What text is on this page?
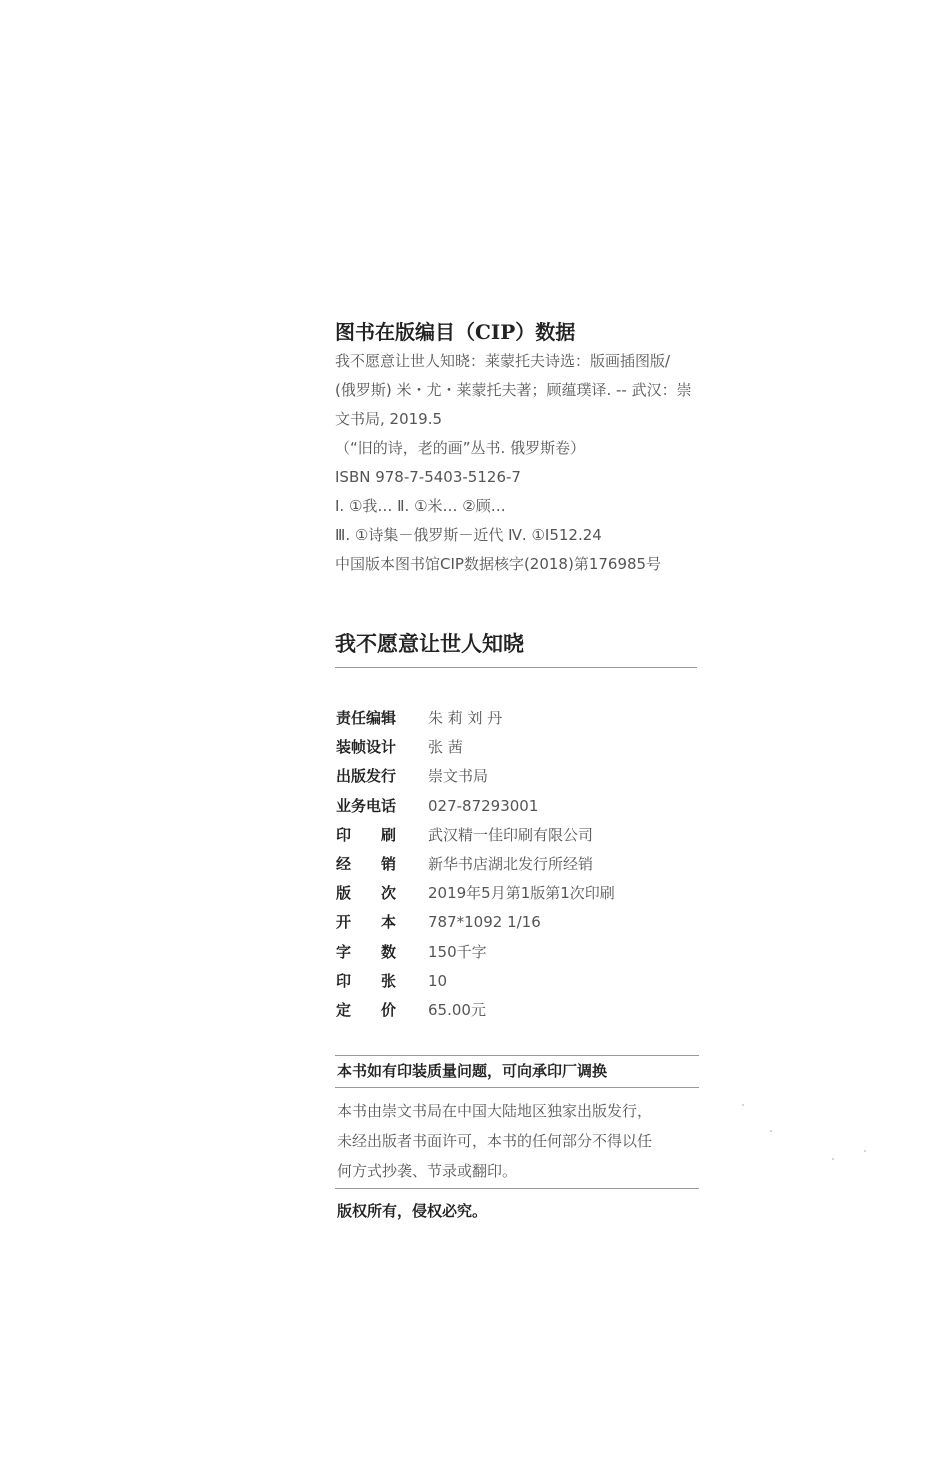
图书在版编目（CIP）数据
我不愿意让世人知晓：莱蒙托夫诗选：版画插图版/
(俄罗斯) 米・尤・莱蒙托夫著；顾蕴璞译. -- 武汉：崇
文书局, 2019.5
（“旧的诗，老的画”丛书. 俄罗斯卷）
ISBN 978-7-5403-5126-7
Ⅰ. ①我… Ⅱ. ①米… ②顾…
Ⅲ. ①诗集－俄罗斯－近代 Ⅳ. ①I512.24
中国版本图书馆CIP数据核字(2018)第176985号
我不愿意让世人知晓
责任编辑	朱 莉 刘 丹
装帧设计	张 茜
出版发行	崇文书局
业务电话	027-87293001
印　　刷	武汉精一佳印刷有限公司
经　　销	新华书店湖北发行所经销
版　　次	2019年5月第1版第1次印刷
开　　本	787*1092 1/16
字　　数	150千字
印　　张	10
定　　价	65.00元
本书如有印装质量问题，可向承印厂调换
本书由崇文书局在中国大陆地区独家出版发行，
未经出版者书面许可，本书的任何部分不得以任
何方式抄袭、节录或翻印。
版权所有，侵权必究。
